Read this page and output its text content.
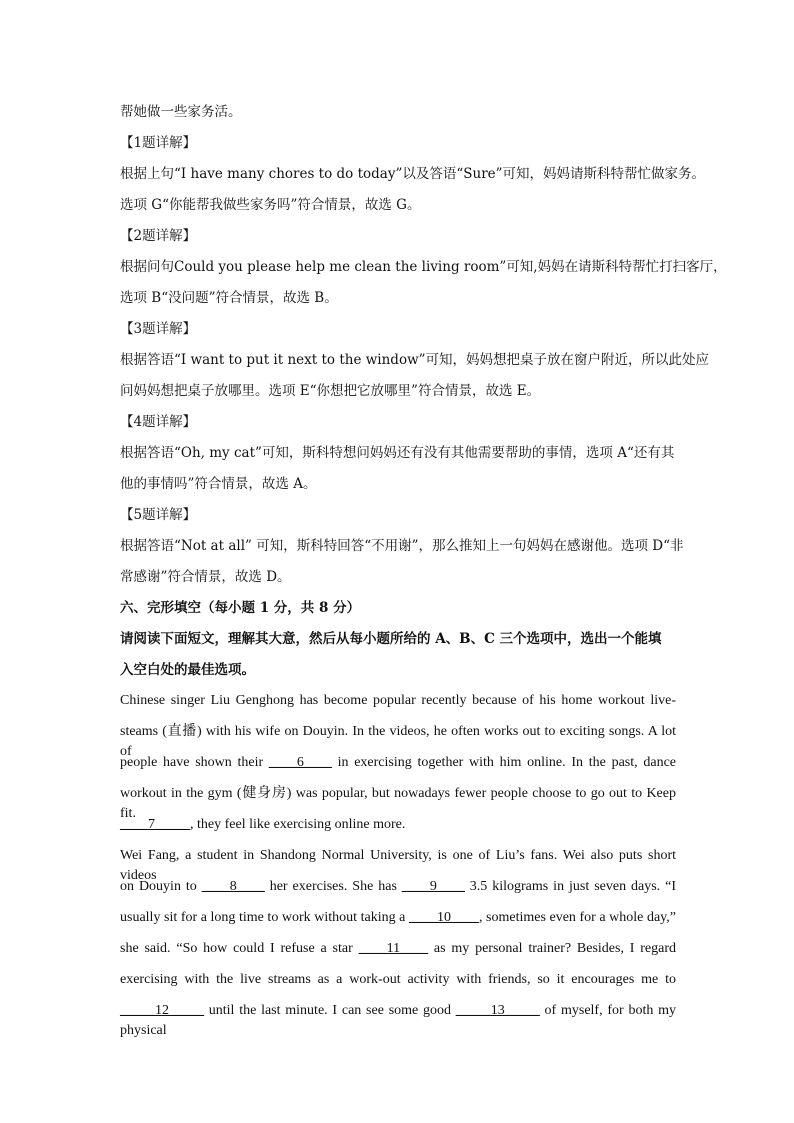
帮她做一些家务活。
【1题详解】
根据上句“I have many chores to do today”以及答语“Sure”可知，妈妈请斯科特帮忙做家务。
选项 G“你能帮我做些家务吗”符合情景，故选 G。
【2题详解】
根据问句Could you please help me clean the living room”可知,妈妈在请斯科特帮忙打扫客厅，
选项 B“没问题”符合情景，故选 B。
【3题详解】
根据答语“I want to put it next to the window”可知，妈妈想把桌子放在窗户附近，所以此处应
问妈妈想把桌子放哪里。选项 E“你想把它放哪里”符合情景，故选 E。
【4题详解】
根据答语“Oh, my cat”可知，斯科特想问妈妈还有没有其他需要帮助的事情，选项 A“还有其
他的事情吗”符合情景，故选 A。
【5题详解】
根据答语“Not at all” 可知，斯科特回答“不用谢”，那么推知上一句妈妈在感谢他。选项 D“非
常感谢”符合情景，故选 D。
六、完形填空（每小题 1 分，共 8 分）
请阅读下面短文，理解其大意，然后从每小题所给的 A、B、C 三个选项中，选出一个能填
入空白处的最佳选项。
Chinese singer Liu Genghong has become popular recently because of his home workout live-
steams (直播) with his wife on Douyin. In the videos, he often works out to exciting songs. A lot of
people have shown their ____6____ in exercising together with him online. In the past, dance
workout in the gym (健身房) was popular, but nowadays fewer people choose to go out to Keep fit.
____7_____, they feel like exercising online more.
Wei Fang, a student in Shandong Normal University, is one of Liu’s fans. Wei also puts short videos
on Douyin to ____8____ her exercises. She has ____9____ 3.5 kilograms in just seven days. “I
usually sit for a long time to work without taking a ____10____, sometimes even for a whole day,”
she said. “So how could I refuse a star ____11____ as my personal trainer? Besides, I regard
exercising with the live streams as a work-out activity with friends, so it encourages me to
_____12_____ until the last minute. I can see some good _____13_____ of myself, for both my physical
